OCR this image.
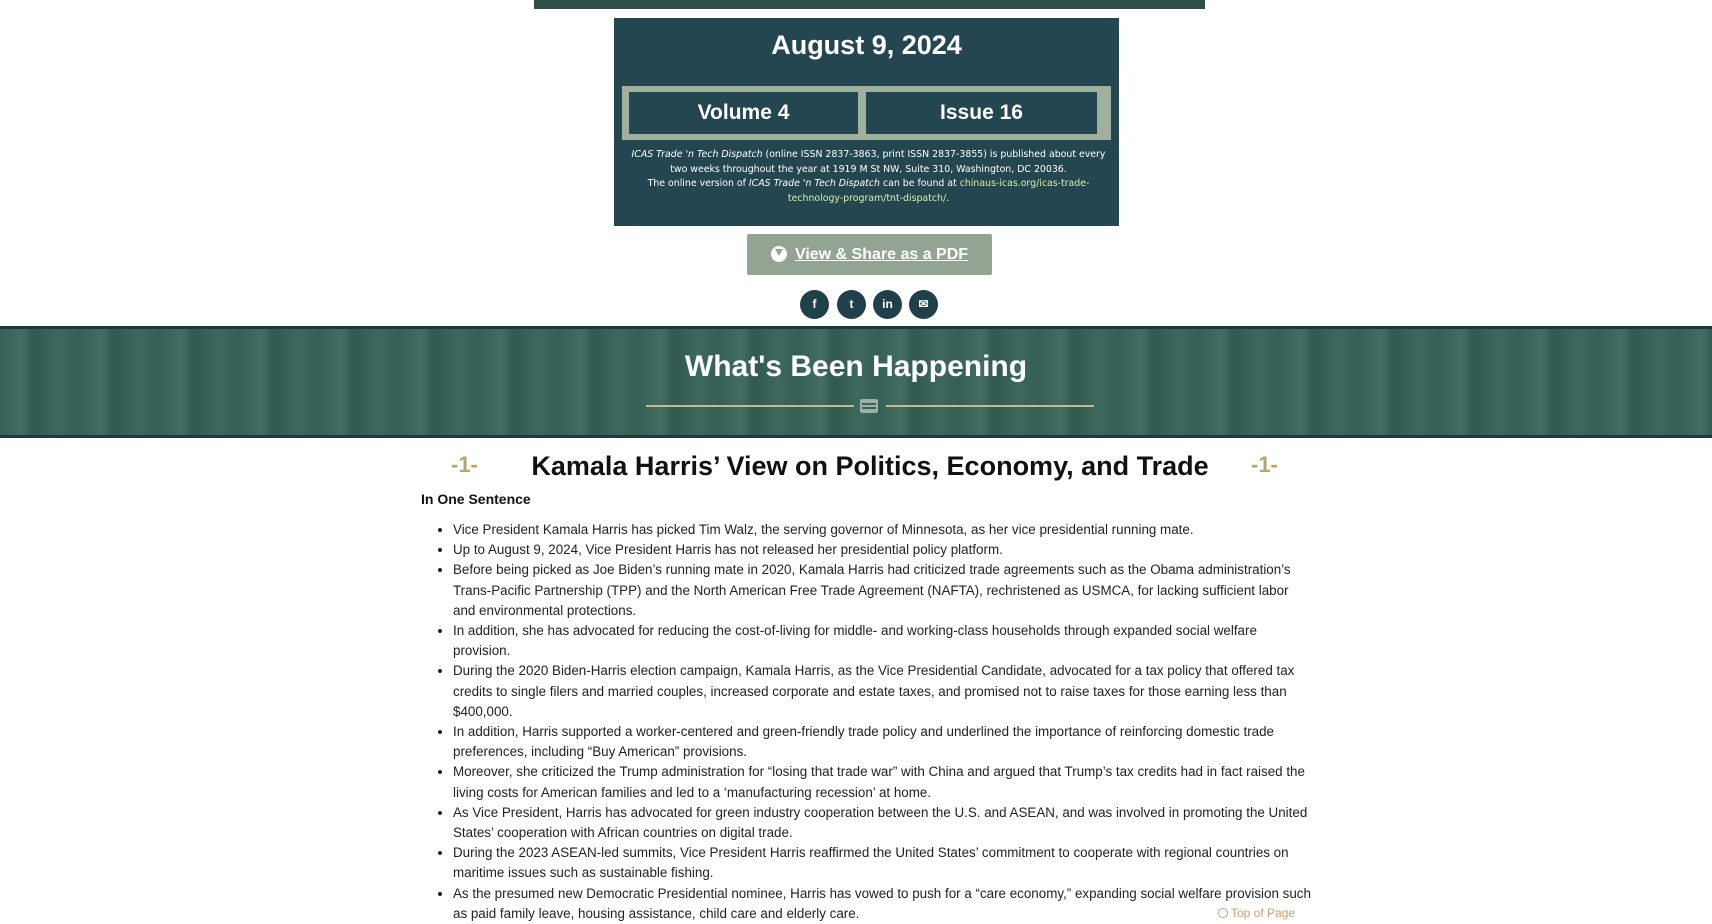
August 9, 2024
Volume 4	Issue 16
ICAS Trade 'n Tech Dispatch (online ISSN 2837-3863, print ISSN 2837-3855) is published about every two weeks throughout the year at 1919 M St NW, Suite 310, Washington, DC 20036.
The online version of ICAS Trade 'n Tech Dispatch can be found at chinaus-icas.org/icas-trade-technology-program/tnt-dispatch/.
View & Share as a PDF
f	t	in	✉
What's Been Happening
-1-	Kamala Harris’ View on Politics, Economy, and Trade	-1-
In One Sentence
• Vice President Kamala Harris has picked Tim Walz, the serving governor of Minnesota, as her vice presidential running mate.
• Up to August 9, 2024, Vice President Harris has not released her presidential policy platform.
• Before being picked as Joe Biden’s running mate in 2020, Kamala Harris had criticized trade agreements such as the Obama administration’s Trans-Pacific Partnership (TPP) and the North American Free Trade Agreement (NAFTA), rechristened as USMCA, for lacking sufficient labor and environmental protections.
• In addition, she has advocated for reducing the cost-of-living for middle- and working-class households through expanded social welfare provision.
• During the 2020 Biden-Harris election campaign, Kamala Harris, as the Vice Presidential Candidate, advocated for a tax policy that offered tax credits to single filers and married couples, increased corporate and estate taxes, and promised not to raise taxes for those earning less than $400,000.
• In addition, Harris supported a worker-centered and green-friendly trade policy and underlined the importance of reinforcing domestic trade preferences, including “Buy American” provisions.
• Moreover, she criticized the Trump administration for “losing that trade war” with China and argued that Trump’s tax credits had in fact raised the living costs for American families and led to a ‘manufacturing recession’ at home.
• As Vice President, Harris has advocated for green industry cooperation between the U.S. and ASEAN, and was involved in promoting the United States’ cooperation with African countries on digital trade.
• During the 2023 ASEAN-led summits, Vice President Harris reaffirmed the United States’ commitment to cooperate with regional countries on maritime issues such as sustainable fishing.
• As the presumed new Democratic Presidential nominee, Harris has vowed to push for a “care economy,” expanding social welfare provision such as paid family leave, housing assistance, child care and elderly care.	Top of Page
